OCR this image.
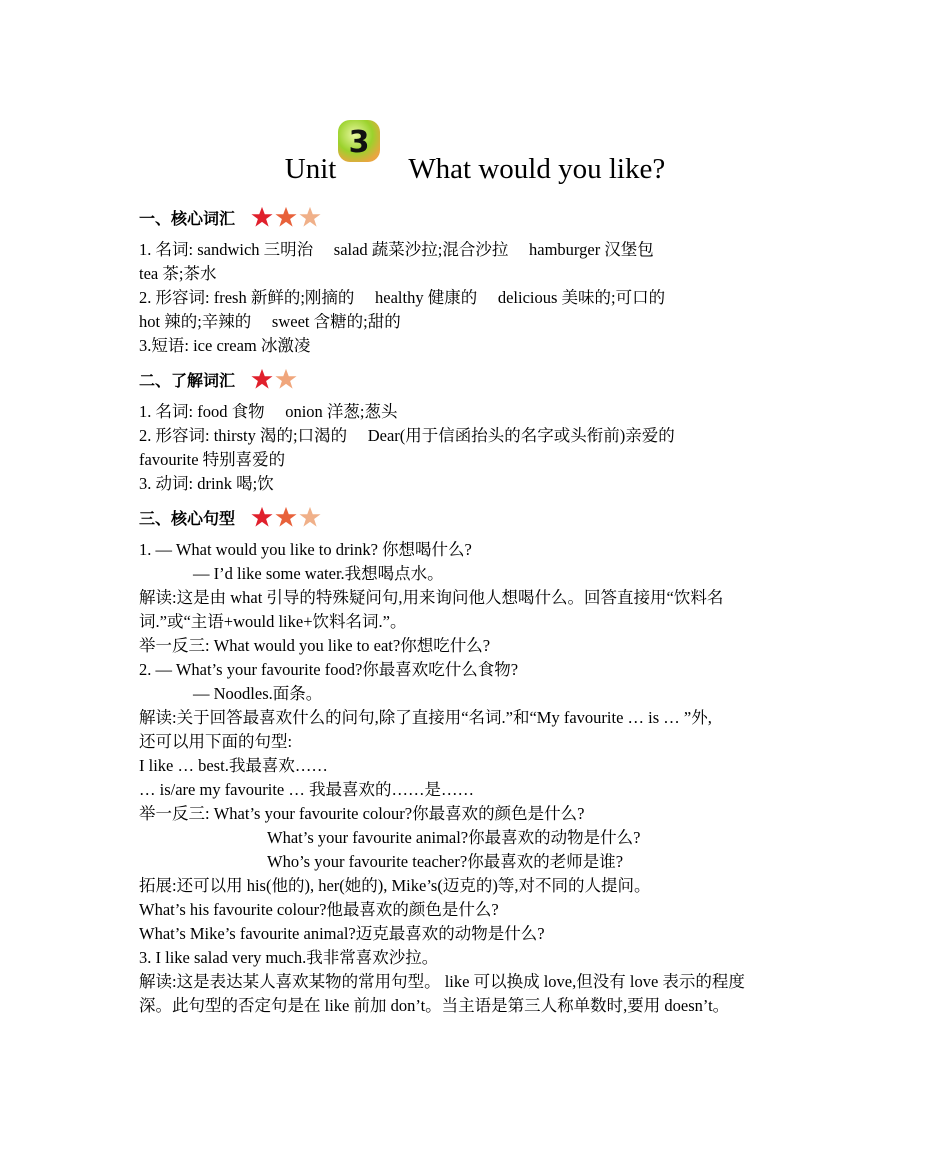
Unit
3
What would you like?
一、核心词汇
1. 名词: sandwich 三明治　 salad 蔬菜沙拉;混合沙拉　 hamburger 汉堡包
tea 茶;茶水
2. 形容词: fresh 新鲜的;刚摘的　 healthy 健康的　 delicious 美味的;可口的
hot 辣的;辛辣的　 sweet 含糖的;甜的
3.短语: ice cream 冰激凌
二、了解词汇
1. 名词: food 食物　 onion 洋葱;葱头
2. 形容词: thirsty 渴的;口渴的　 Dear(用于信函抬头的名字或头衔前)亲爱的
favourite 特别喜爱的
3. 动词: drink 喝;饮
三、核心句型
1. — What would you like to drink? 你想喝什么?
— I’d like some water.我想喝点水。
解读:这是由 what 引导的特殊疑问句,用来询问他人想喝什么。回答直接用“饮料名
词.”或“主语+would like+饮料名词.”。
举一反三: What would you like to eat?你想吃什么?
2. — What’s your favourite food?你最喜欢吃什么食物?
— Noodles.面条。
解读:关于回答最喜欢什么的问句,除了直接用“名词.”和“My favourite … is … ”外,
还可以用下面的句型:
I like … best.我最喜欢……
… is/are my favourite … 我最喜欢的……是……
举一反三: What’s your favourite colour?你最喜欢的颜色是什么?
What’s your favourite animal?你最喜欢的动物是什么?
Who’s your favourite teacher?你最喜欢的老师是谁?
拓展:还可以用 his(他的), her(她的), Mike’s(迈克的)等,对不同的人提问。
What’s his favourite colour?他最喜欢的颜色是什么?
What’s Mike’s favourite animal?迈克最喜欢的动物是什么?
3. I like salad very much.我非常喜欢沙拉。
解读:这是表达某人喜欢某物的常用句型。 like 可以换成 love,但没有 love 表示的程度
深。此句型的否定句是在 like 前加 don’t。当主语是第三人称单数时,要用 doesn’t。
